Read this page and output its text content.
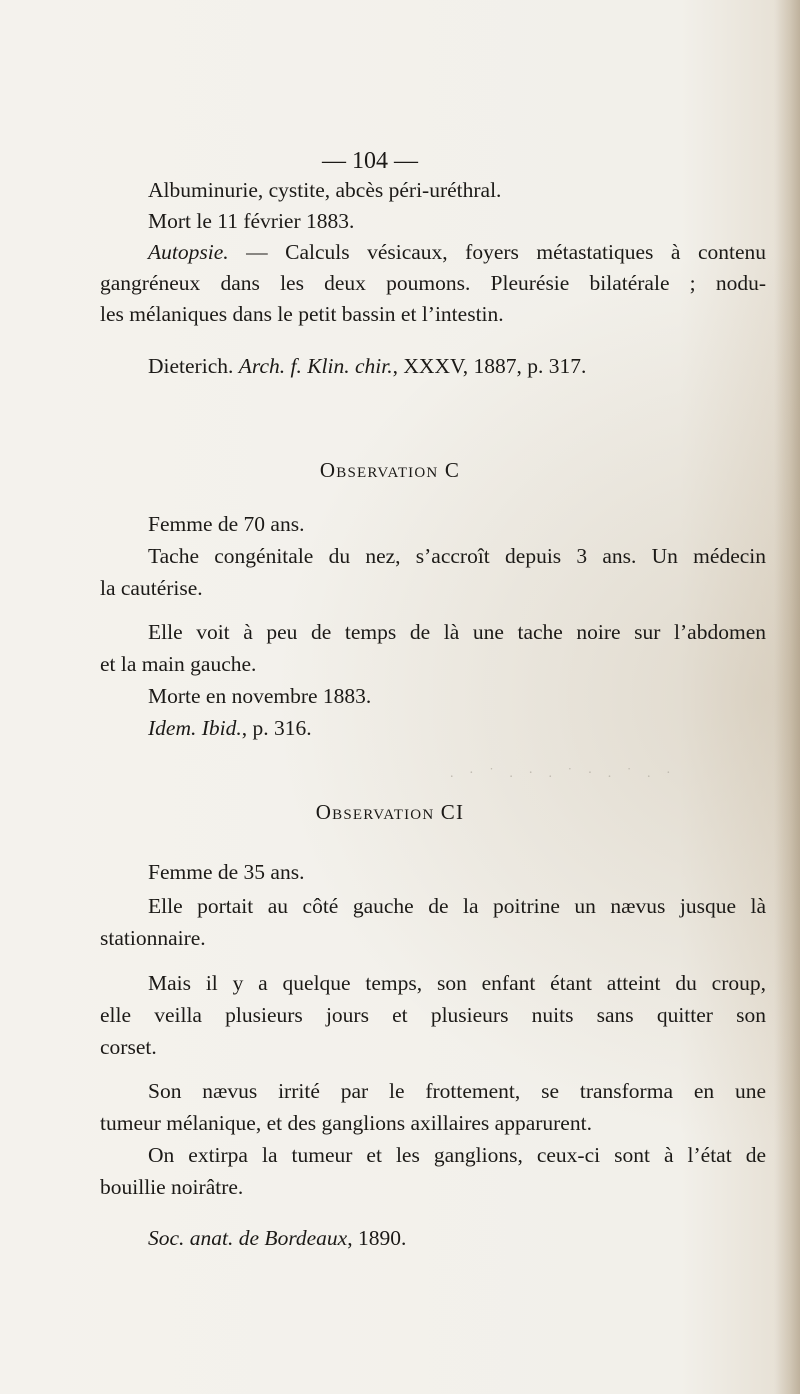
— 104 —
Albuminurie, cystite, abcès péri-uréthral.
Mort le 11 février 1883.
Autopsie. — Calculs vésicaux, foyers métastatiques à contenu
gangréneux dans les deux poumons. Pleurésie bilatérale ; nodu-
les mélaniques dans le petit bassin et l’intestin.
Dieterich. Arch. f. Klin. chir., XXXV, 1887, p. 317.
Observation C
Femme de 70 ans.
Tache congénitale du nez, s’accroît depuis 3 ans. Un médecin
la cautérise.
Elle voit à peu de temps de là une tache noire sur l’abdomen
et la main gauche.
Morte en novembre 1883.
Idem. Ibid., p. 316.
. · ˙ . · . ˙ · . ˙ . ·
Observation CI
Femme de 35 ans.
Elle portait au côté gauche de la poitrine un nævus jusque là
stationnaire.
Mais il y a quelque temps, son enfant étant atteint du croup,
elle veilla plusieurs jours et plusieurs nuits sans quitter son
corset.
Son nævus irrité par le frottement, se transforma en une
tumeur mélanique, et des ganglions axillaires apparurent.
On extirpa la tumeur et les ganglions, ceux-ci sont à l’état de
bouillie noirâtre.
Soc. anat. de Bordeaux, 1890.
